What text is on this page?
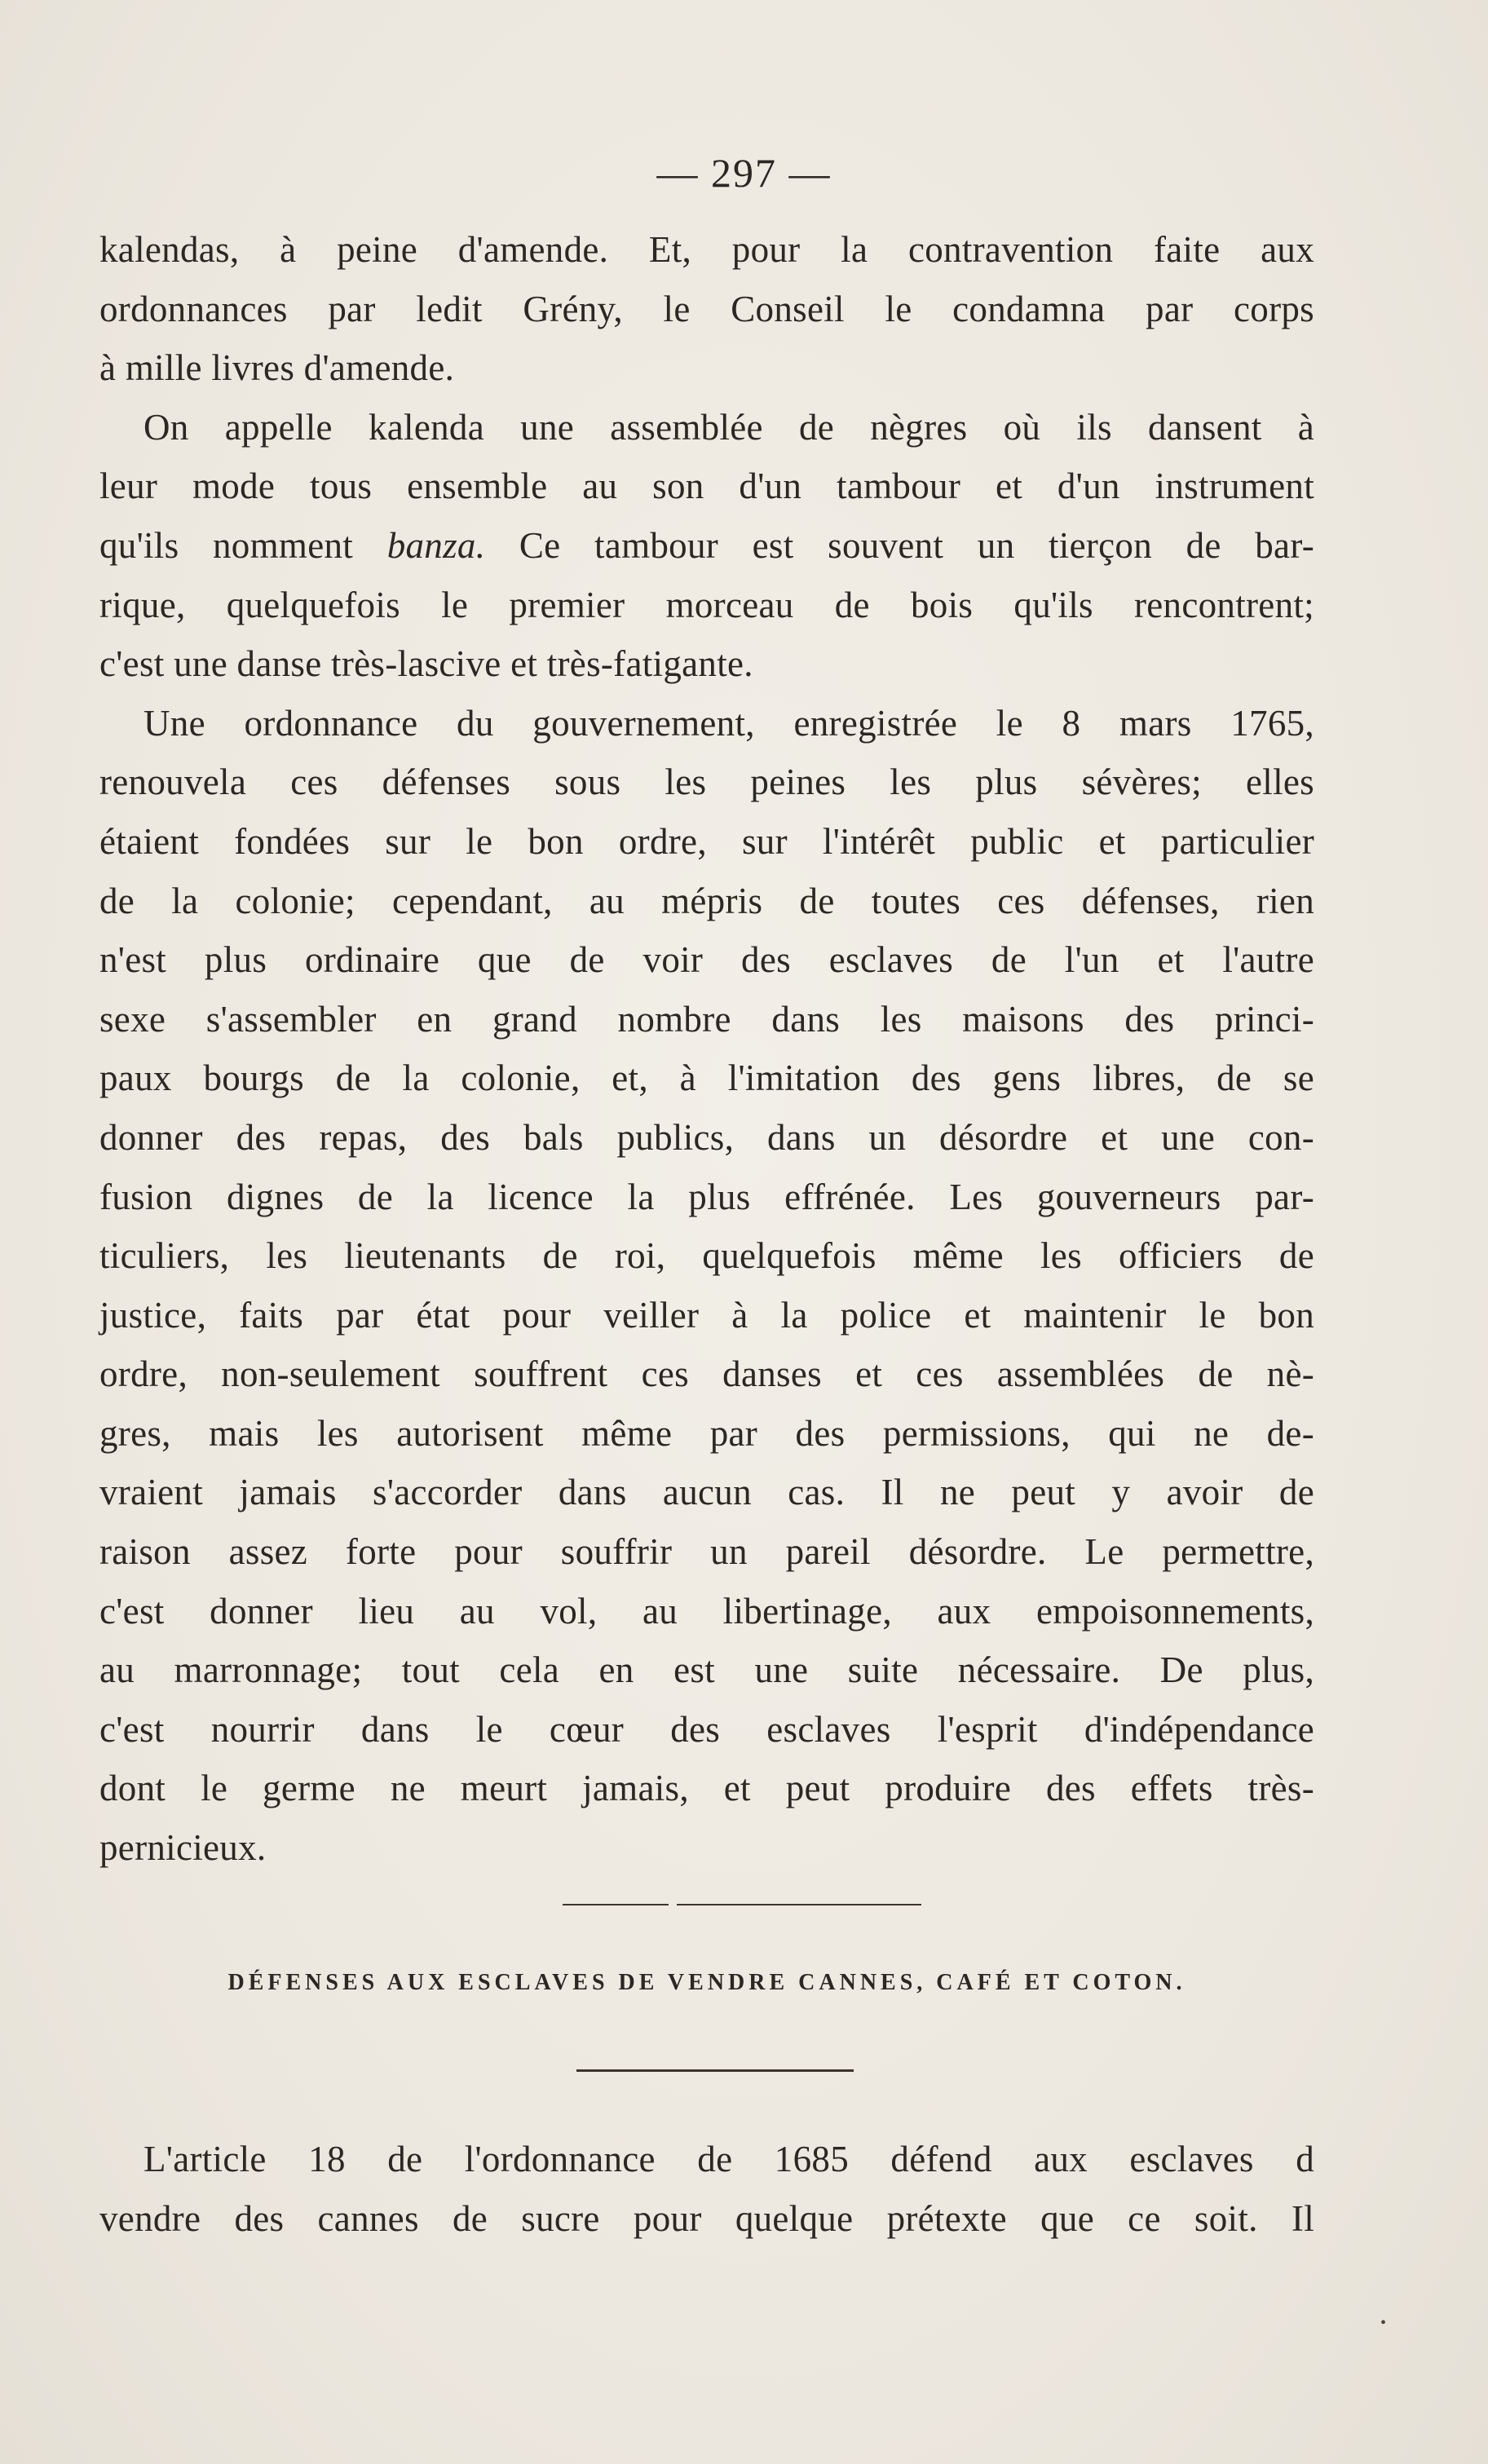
— 297 —
kalendas, à peine d'amende. Et, pour la contravention faite aux
ordonnances par ledit Grény, le Conseil le condamna par corps
à mille livres d'amende.
On appelle kalenda une assemblée de nègres où ils dansent à
leur mode tous ensemble au son d'un tambour et d'un instrument
qu'ils nomment banza. Ce tambour est souvent un tierçon de bar-
rique, quelquefois le premier morceau de bois qu'ils rencontrent;
c'est une danse très-lascive et très-fatigante.
Une ordonnance du gouvernement, enregistrée le 8 mars 1765,
renouvela ces défenses sous les peines les plus sévères; elles
étaient fondées sur le bon ordre, sur l'intérêt public et particulier
de la colonie; cependant, au mépris de toutes ces défenses, rien
n'est plus ordinaire que de voir des esclaves de l'un et l'autre
sexe s'assembler en grand nombre dans les maisons des princi-
paux bourgs de la colonie, et, à l'imitation des gens libres, de se
donner des repas, des bals publics, dans un désordre et une con-
fusion dignes de la licence la plus effrénée. Les gouverneurs par-
ticuliers, les lieutenants de roi, quelquefois même les officiers de
justice, faits par état pour veiller à la police et maintenir le bon
ordre, non-seulement souffrent ces danses et ces assemblées de nè-
gres, mais les autorisent même par des permissions, qui ne de-
vraient jamais s'accorder dans aucun cas. Il ne peut y avoir de
raison assez forte pour souffrir un pareil désordre. Le permettre,
c'est donner lieu au vol, au libertinage, aux empoisonnements,
au marronnage; tout cela en est une suite nécessaire. De plus,
c'est nourrir dans le cœur des esclaves l'esprit d'indépendance
dont le germe ne meurt jamais, et peut produire des effets très-
pernicieux.
DÉFENSES AUX ESCLAVES DE VENDRE CANNES, CAFÉ ET COTON.
L'article 18 de l'ordonnance de 1685 défend aux esclaves d
vendre des cannes de sucre pour quelque prétexte que ce soit. Il
•
